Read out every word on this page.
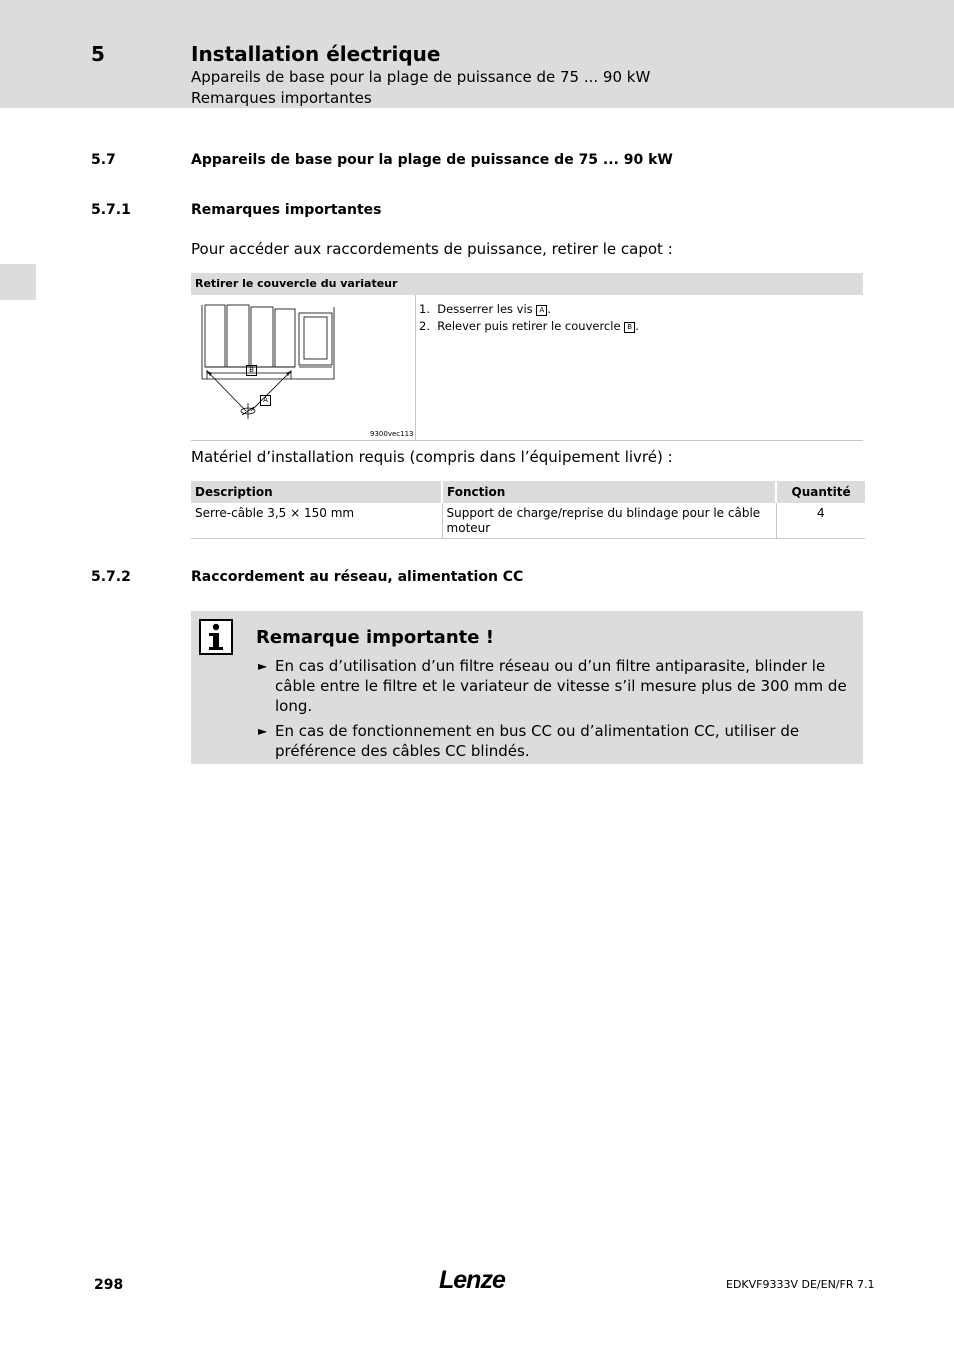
5	Installation électrique
Appareils de base pour la plage de puissance de 75 ... 90 kW
Remarques importantes
5.7	Appareils de base pour la plage de puissance de 75 ... 90 kW
5.7.1	Remarques importantes
Pour accéder aux raccordements de puissance, retirer le capot :
Retirer le couvercle du variateur
B
A
1. Desserrer les vis A .
2. Relever puis retirer le couvercle B .
9300vec113
Matériel d’installation requis (compris dans l’équipement livré) :
Description	Fonction	Quantité
Serre-câble 3,5 × 150 mm	Support de charge/reprise du blindage pour le câble moteur	4
5.7.2	Raccordement au réseau, alimentation CC
Remarque importante !
► En cas d’utilisation d’un filtre réseau ou d’un filtre antiparasite, blinder le câble entre le filtre et le variateur de vitesse s’il mesure plus de 300 mm de long.
► En cas de fonctionnement en bus CC ou d’alimentation CC, utiliser de préférence des câbles CC blindés.
298	Lenze	EDKVF9333V DE/EN/FR 7.1
